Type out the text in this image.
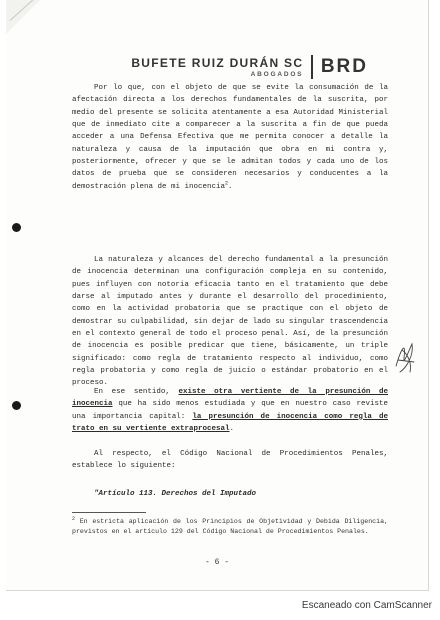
BUFETE RUIZ DURÁN SC
ABOGADOS BRD

Por lo que, con el objeto de que se evite la consumación de la afectación directa a los derechos fundamentales de la suscrita, por medio del presente se solicita atentamente a esa Autoridad Ministerial que de inmediato cite a comparecer a la suscrita a fin de que pueda acceder a una Defensa Efectiva que me permita conocer a detalle la naturaleza y causa de la imputación que obra en mi contra y, posteriormente, ofrecer y que se le admitan todos y cada uno de los datos de prueba que se consideren necesarios y conducentes a la demostración plena de mi inocencia$^2$.

La naturaleza y alcances del derecho fundamental a la presunción de inocencia determinan una configuración compleja en su contenido, pues influyen con notoria eficacia tanto en el tratamiento que debe darse al imputado antes y durante el desarrollo del procedimiento, como en la actividad probatoria que se practique con el objeto de demostrar su culpabilidad, sin dejar de lado su singular trascendencia en el contexto general de todo el proceso penal. Así, de la presunción de inocencia es posible predicar que tiene, básicamente, un triple significado: como regla de tratamiento respecto al individuo, como regla probatoria y como regla de juicio o estándar probatorio en el proceso.

En ese sentido, existe otra vertiente de la presunción de inocencia que ha sido menos estudiada y que en nuestro caso reviste una importancia capital: la presunción de inocencia como regla de trato en su vertiente extraprocesal.

Al respecto, el Código Nacional de Procedimientos Penales, establece lo siguiente:

"Artículo 113. Derechos del Imputado

$^2$ En estricta aplicación de los Principios de Objetividad y Debida Diligencia, previstos en el artículo 129 del Código Nacional de Procedimientos Penales.

- 6 -
Escaneado con CamScanner
